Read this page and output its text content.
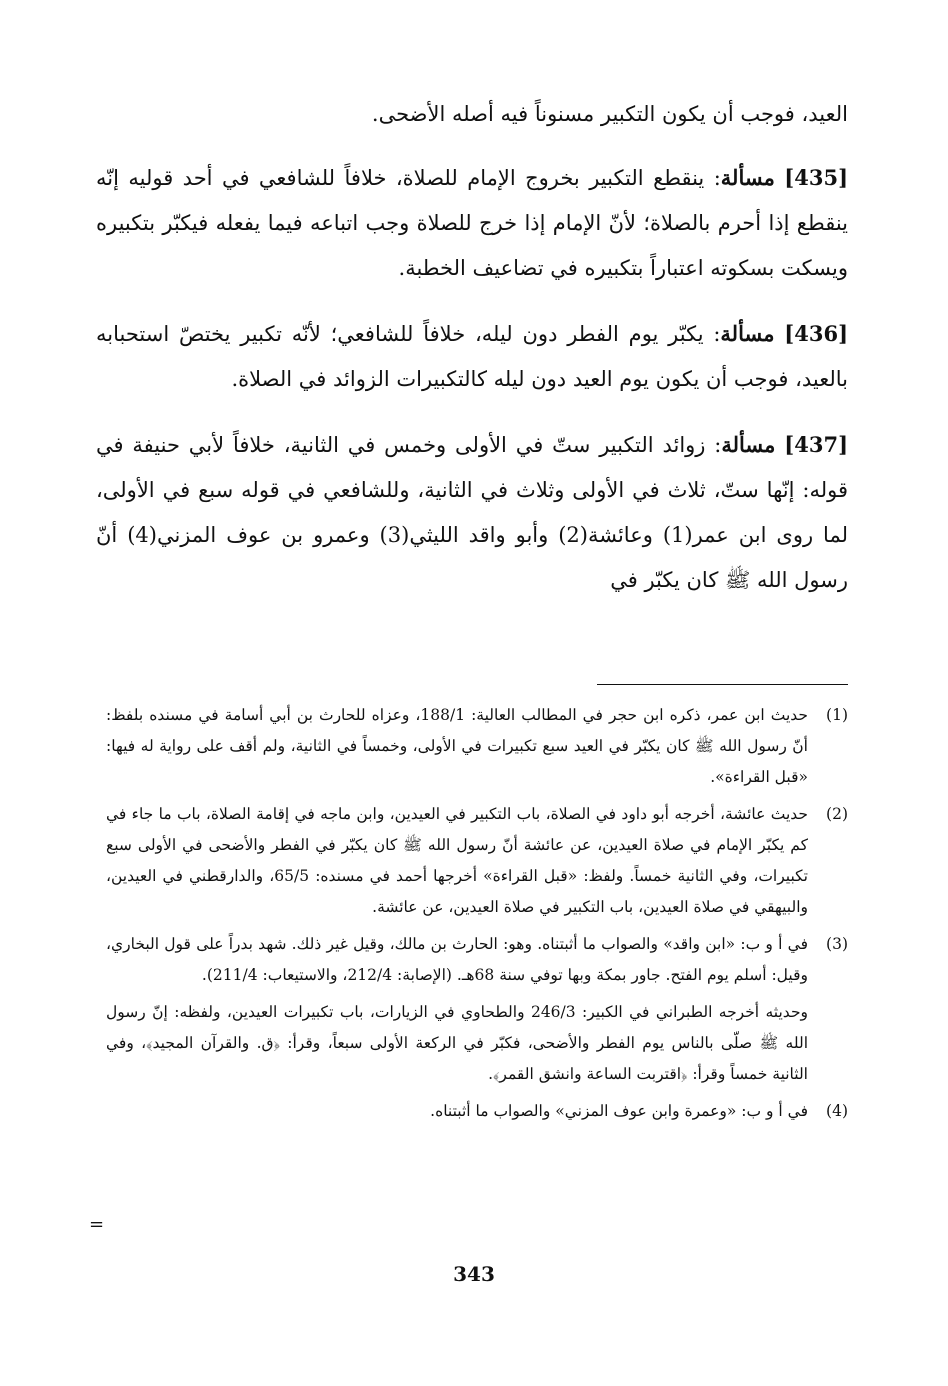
العيد، فوجب أن يكون التكبير مسنوناً فيه أصله الأضحى.

[435] مسألة: ينقطع التكبير بخروج الإمام للصلاة، خلافاً للشافعي في أحد قوليه إنّه ينقطع إذا أحرم بالصلاة؛ لأنّ الإمام إذا خرج للصلاة وجب اتباعه فيما يفعله فيكبّر بتكبيره ويسكت بسكوته اعتباراً بتكبيره في تضاعيف الخطبة.

[436] مسألة: يكبّر يوم الفطر دون ليله، خلافاً للشافعي؛ لأنّه تكبير يختصّ استحبابه بالعيد، فوجب أن يكون يوم العيد دون ليله كالتكبيرات الزوائد في الصلاة.

[437] مسألة: زوائد التكبير ستّ في الأولى وخمس في الثانية، خلافاً لأبي حنيفة في قوله: إنّها ستّ، ثلاث في الأولى وثلاث في الثانية، وللشافعي في قوله سبع في الأولى، لما روى ابن عمر(1) وعائشة(2) وأبو واقد الليثي(3) وعمرو بن عوف المزني(4) أنّ رسول الله ﷺ كان يكبّر في

(1)

حديث ابن عمر، ذكره ابن حجر في المطالب العالية: 188/1، وعزاه للحارث بن أبي أسامة في مسنده بلفظ: أنّ رسول الله ﷺ كان يكبّر في العيد سبع تكبيرات في الأولى، وخمساً في الثانية، ولم أقف على رواية له فيها: «قبل القراءة».

(2)

حديث عائشة، أخرجه أبو داود في الصلاة، باب التكبير في العيدين، وابن ماجه في إقامة الصلاة، باب ما جاء في كم يكبّر الإمام في صلاة العيدين، عن عائشة أنّ رسول الله ﷺ كان يكبّر في الفطر والأضحى في الأولى سبع تكبيرات، وفي الثانية خمساً. ولفظ: «قبل القراءة» أخرجها أحمد في مسنده: 65/5، والدارقطني في العيدين، والبيهقي في صلاة العيدين، باب التكبير في صلاة العيدين، عن عائشة.

(3)

في أ و ب: «ابن واقد» والصواب ما أثبتناه. وهو: الحارث بن مالك، وقيل غير ذلك. شهد بدراً على قول البخاري، وقيل: أسلم يوم الفتح. جاور بمكة وبها توفي سنة 68هـ. (الإصابة: 212/4، والاستيعاب: 211/4).

وحديثه أخرجه الطبراني في الكبير: 246/3 والطحاوي في الزيارات، باب تكبيرات العيدين، ولفظه: إنّ رسول الله ﷺ صلّى بالناس يوم الفطر والأضحى، فكبّر في الركعة الأولى سبعاً، وقرأ: ﴿ق. والقرآن المجيد﴾، وفي الثانية خمساً وقرأ: ﴿اقتربت الساعة وانشق القمر﴾.

(4)

في أ و ب: «وعمرة وابن عوف المزني» والصواب ما أثبتناه.

=
343
